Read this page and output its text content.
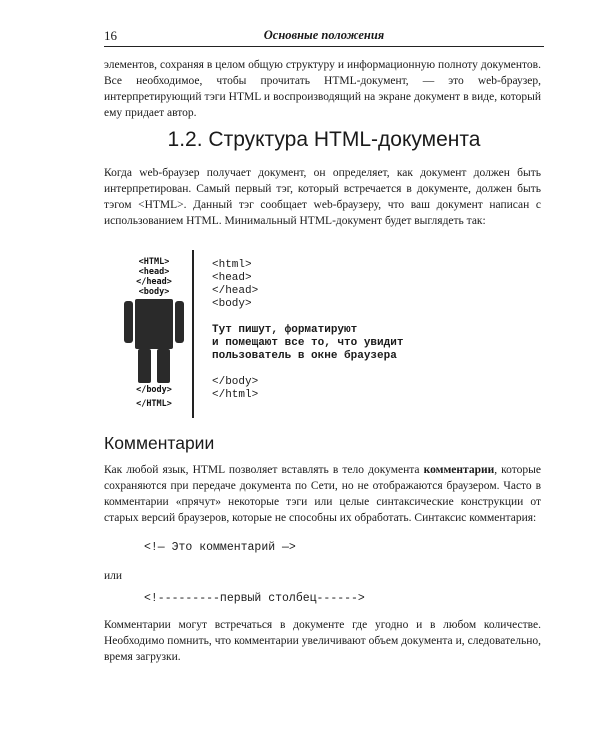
16	Основные положения

элементов, сохраняя в целом общую структуру и информационную полноту документов. Все необходимое, чтобы прочитать HTML-документ, — это web-браузер, интерпретирующий тэги HTML и воспроизводящий на экране документ в виде, который ему придает автор.

1.2. Структура HTML-документа

Когда web-браузер получает документ, он определяет, как документ должен быть интерпретирован. Самый первый тэг, который встречается в документе, должен быть тэгом <HTML>. Данный тэг сообщает web-браузеру, что ваш документ написан с использованием HTML. Минимальный HTML-документ будет выглядеть так:

<HTML>
<head>
</head>
<body>
</body>
</HTML>
<html>
<head>
</head>
<body>
Тут пишут, форматируют
и помещают все то, что увидит
пользователь в окне браузера
</body>
</html>
Комментарии

Как любой язык, HTML позволяет вставлять в тело документа комментарии, которые сохраняются при передаче документа по Сети, но не отображаются браузером. Часто в комментарии «прячут» некоторые тэги или целые синтаксические конструкции от старых версий браузеров, которые не способны их обработать. Синтаксис комментария:

<!— Это комментарий —>

или

<!---------первый столбец------>

Комментарии могут встречаться в документе где угодно и в любом количестве. Необходимо помнить, что комментарии увеличивают объем документа и, следовательно, время загрузки.
